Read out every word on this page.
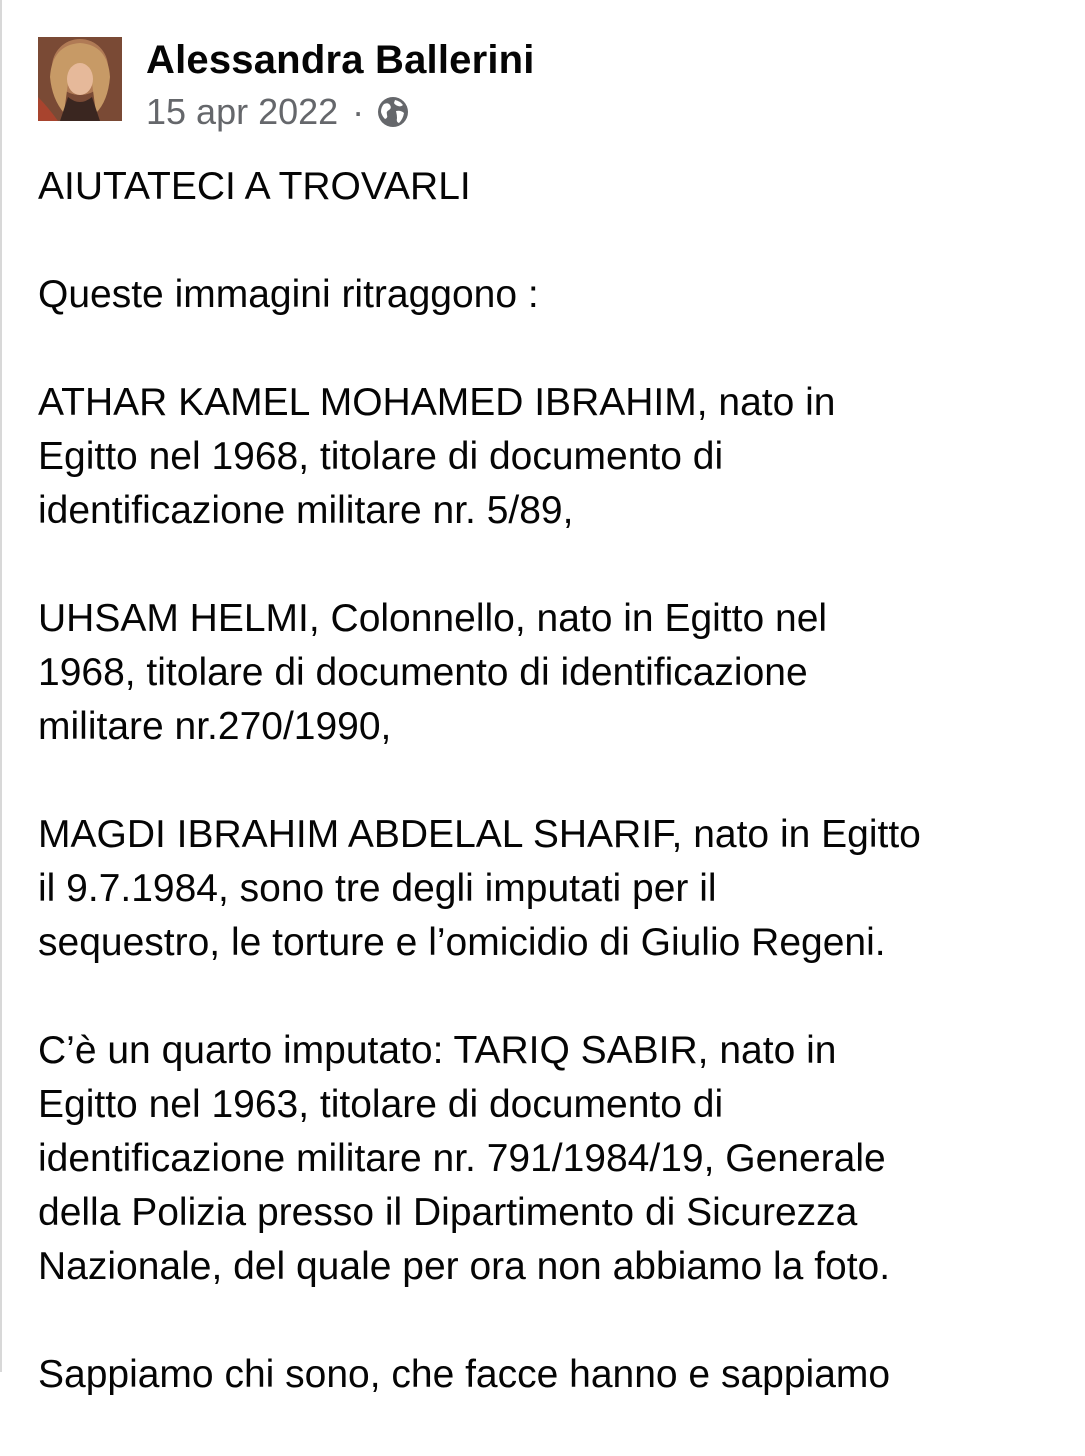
Alessandra Ballerini
15 apr 2022 ·

AIUTATECI A TROVARLI

Queste immagini ritraggono :

ATHAR KAMEL MOHAMED IBRAHIM, nato in
Egitto nel 1968, titolare di documento di
identificazione militare nr. 5/89,

UHSAM HELMI, Colonnello, nato in Egitto nel
1968, titolare di documento di identificazione
militare nr.270/1990,

MAGDI IBRAHIM ABDELAL SHARIF, nato in Egitto
il 9.7.1984, sono tre degli imputati per il
sequestro, le torture e l’omicidio di Giulio Regeni.

C’è un quarto imputato: TARIQ SABIR, nato in
Egitto nel 1963, titolare di documento di
identificazione militare nr. 791/1984/19, Generale
della Polizia presso il Dipartimento di Sicurezza
Nazionale, del quale per ora non abbiamo la foto.

Sappiamo chi sono, che facce hanno e sappiamo
